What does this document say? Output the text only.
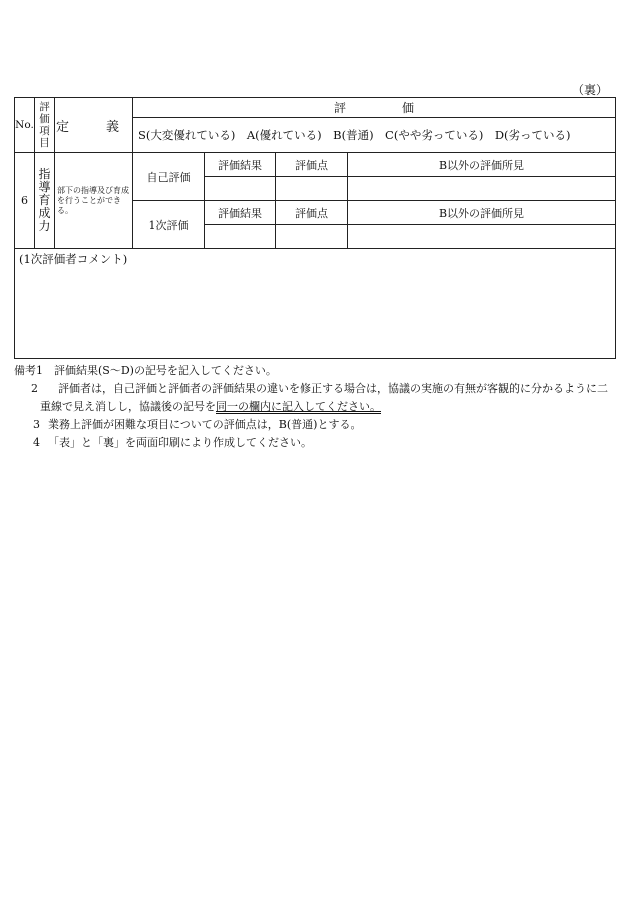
（裏）
No.	評
価
項
目	定　義	評 価			
			S(大変優れている)　A(優れている)　B(普通)　C(やや劣っている)　D(劣っている)			
6	指
導
育
成
力	部下の指導及び育成を行うことができる。	自己評価	評価結果	評価点	B以外の評価所見

			1次評価	評価結果	評価点	B以外の評価所見

(1次評価者コメント)						
備考1　 評価結果(S〜D)の記号を記入してください。
2	評価者は，自己評価と評価者の評価結果の違いを修正する場合は，協議の実施の有無が客観的に分かるように二重線で見え消しし，協議後の記号を同一の欄内に記入してください。
3 業務上評価が困難な項目についての評価点は，B(普通)とする。
4 「表」と「裏」を両面印刷により作成してください。
